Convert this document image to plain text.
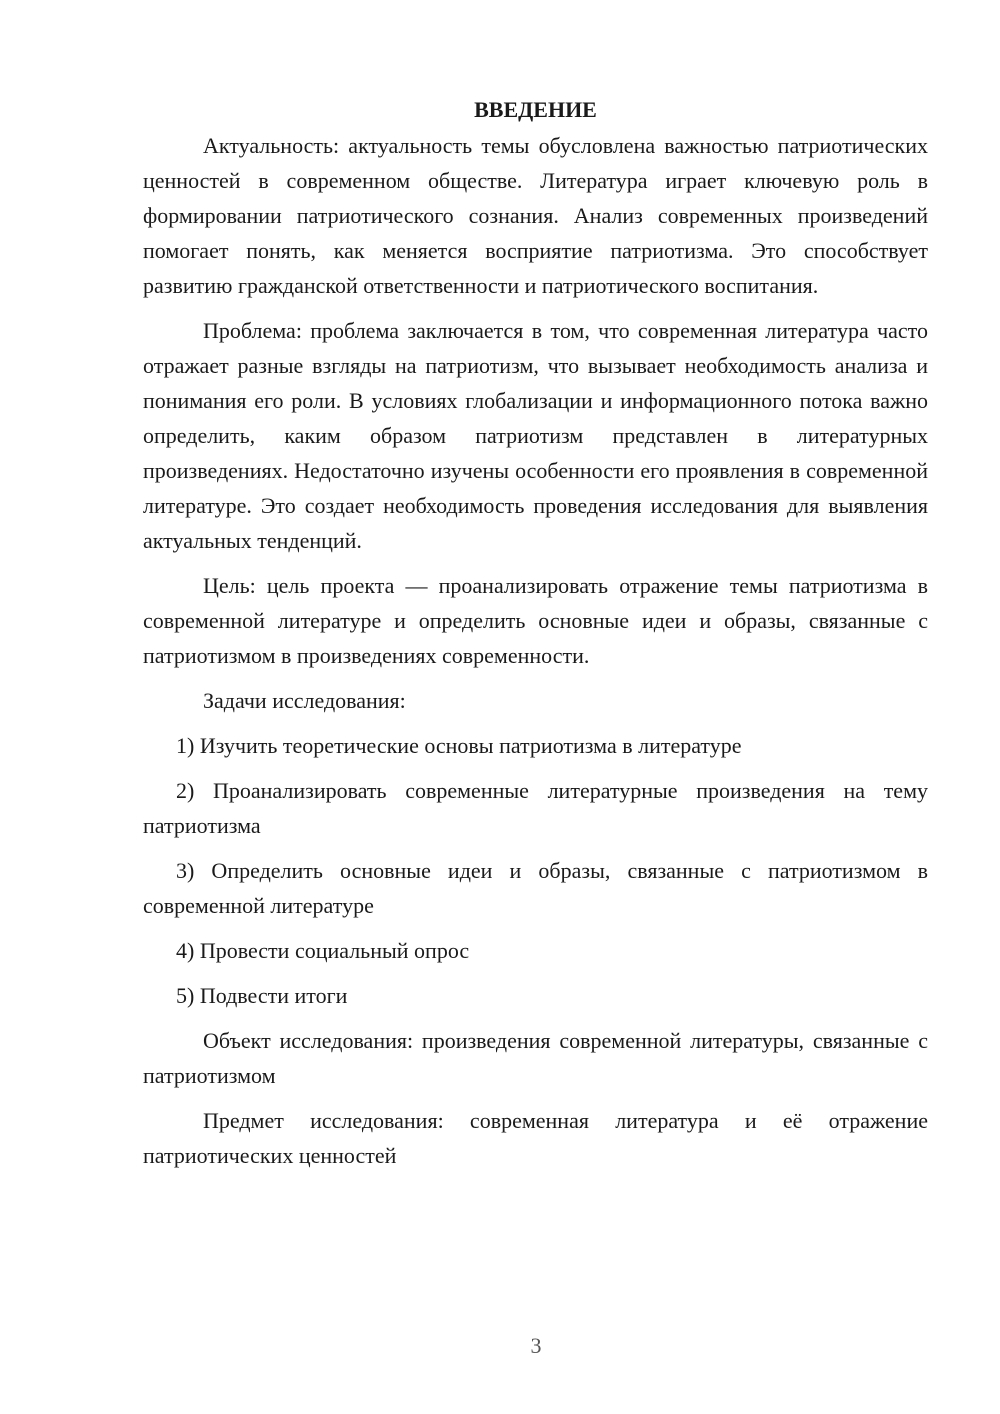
ВВЕДЕНИЕ

Актуальность: актуальность темы обусловлена важностью патриотических ценностей в современном обществе. Литература играет ключевую роль в формировании патриотического сознания. Анализ современных произведений помогает понять, как меняется восприятие патриотизма. Это способствует развитию гражданской ответственности и патриотического воспитания.

Проблема: проблема заключается в том, что современная литература часто отражает разные взгляды на патриотизм, что вызывает необходимость анализа и понимания его роли. В условиях глобализации и информационного потока важно определить, каким образом патриотизм представлен в литературных произведениях. Недостаточно изучены особенности его проявления в современной литературе. Это создает необходимость проведения исследования для выявления актуальных тенденций.

Цель: цель проекта — проанализировать отражение темы патриотизма в современной литературе и определить основные идеи и образы, связанные с патриотизмом в произведениях современности.

Задачи исследования:

1) Изучить теоретические основы патриотизма в литературе

2) Проанализировать современные литературные произведения на тему патриотизма

3) Определить основные идеи и образы, связанные с патриотизмом в современной литературе

4) Провести социальный опрос

5) Подвести итоги

Объект исследования: произведения современной литературы, связанные с патриотизмом

Предмет исследования: современная литература и её отражение патриотических ценностей

3
